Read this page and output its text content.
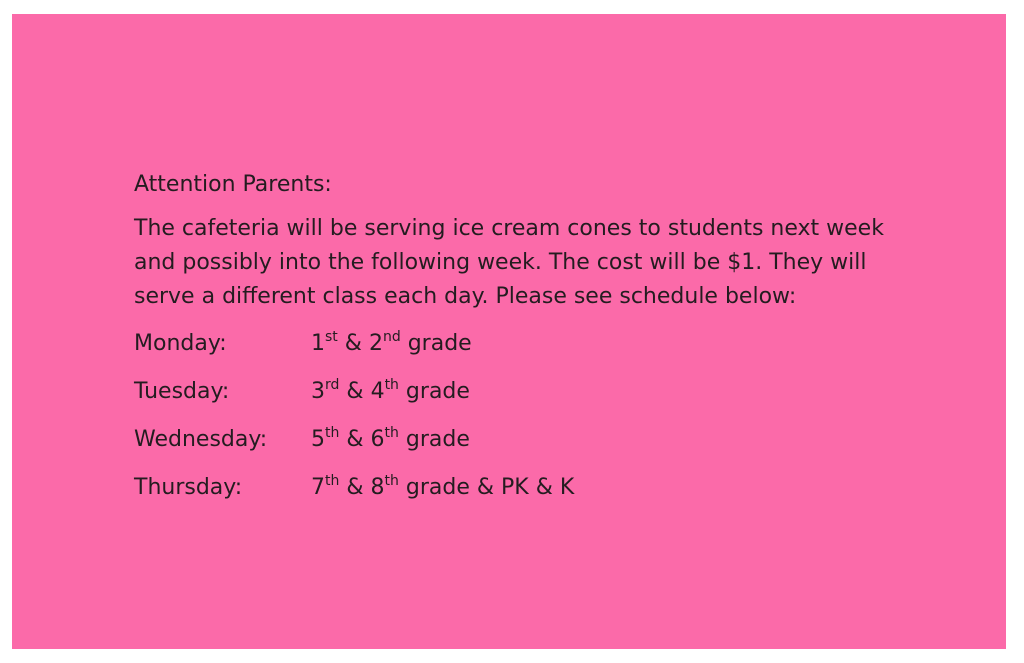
Attention Parents:

The cafeteria will be serving ice cream cones to students next week and possibly into the following week. The cost will be $1. They will serve a different class each day. Please see schedule below:

Monday:	1st & 2nd grade
Tuesday:	3rd & 4th grade
Wednesday:	5th & 6th grade
Thursday:	7th & 8th grade & PK & K
